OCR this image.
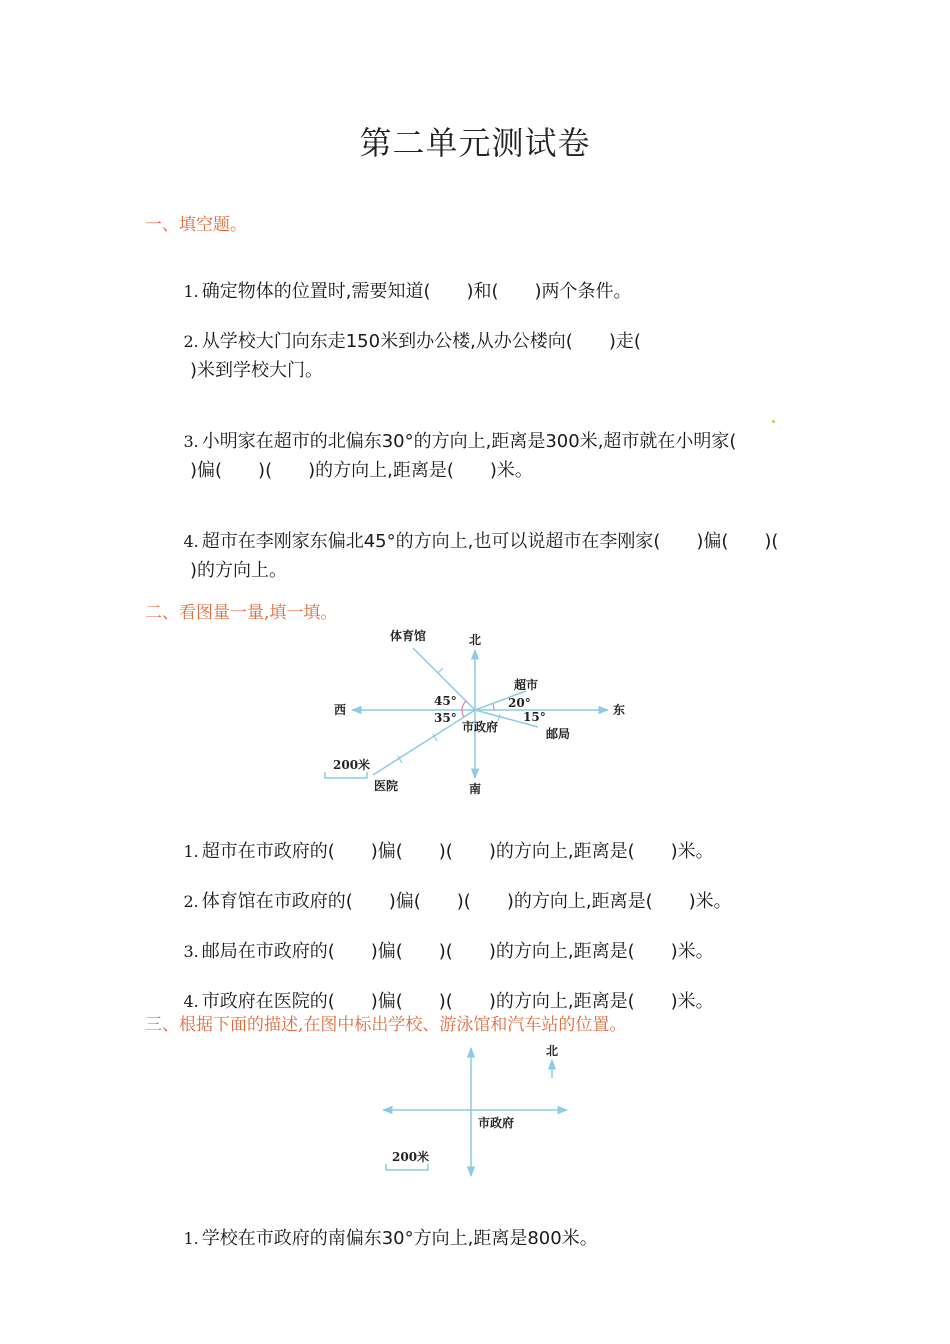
第二单元测试卷
一、填空题。

1. 确定物体的位置时,需要知道(　　)和(　　)两个条件。

2. 从学校大门向东走150米到办公楼,从办公楼向(　　)走(

)米到学校大门。

3. 小明家在超市的北偏东30°的方向上,距离是300米,超市就在小明家(

)偏(　　)(　　)的方向上,距离是(　　)米。

4. 超市在李刚家东偏北45°的方向上,也可以说超市在李刚家(　　)偏(　　)(

)的方向上。
二、看图量一量,填一填。
北
南
东
西
市政府
体育馆
超市
邮局
医院
45°
35°
20°
15°
200米
北
市政府
200米

1. 超市在市政府的(　　)偏(　　)(　　)的方向上,距离是(　　)米。

2. 体育馆在市政府的(　　)偏(　　)(　　)的方向上,距离是(　　)米。

3. 邮局在市政府的(　　)偏(　　)(　　)的方向上,距离是(　　)米。

4. 市政府在医院的(　　)偏(　　)(　　)的方向上,距离是(　　)米。

三、根据下面的描述,在图中标出学校、游泳馆和汽车站的位置。

1. 学校在市政府的南偏东30°方向上,距离是800米。
